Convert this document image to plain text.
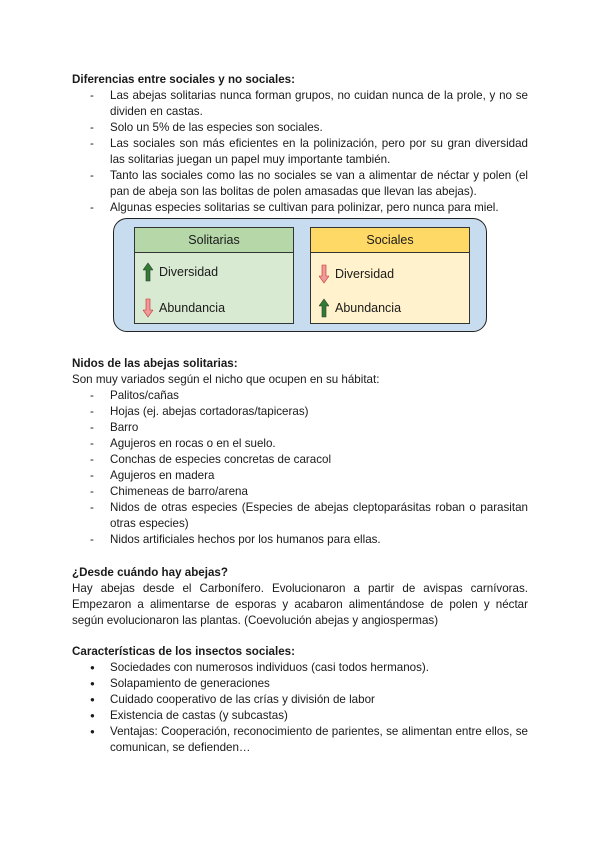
Diferencias entre sociales y no sociales:
- Las abejas solitarias nunca forman grupos, no cuidan nunca de la prole, y no se dividen en castas.
- Solo un 5% de las especies son sociales.
- Las sociales son más eficientes en la polinización, pero por su gran diversidad las solitarias juegan un papel muy importante también.
- Tanto las sociales como las no sociales se van a alimentar de néctar y polen (el pan de abeja son las bolitas de polen amasadas que llevan las abejas).
- Algunas especies solitarias se cultivan para polinizar, pero nunca para miel.
Solitarias
Diversidad
Abundancia
Sociales
Diversidad
Abundancia
Nidos de las abejas solitarias:
Son muy variados según el nicho que ocupen en su hábitat:
- Palitos/cañas
- Hojas (ej. abejas cortadoras/tapiceras)
- Barro
- Agujeros en rocas o en el suelo.
- Conchas de especies concretas de caracol
- Agujeros en madera
- Chimeneas de barro/arena
- Nidos de otras especies (Especies de abejas cleptoparásitas roban o parasitan otras especies)
- Nidos artificiales hechos por los humanos para ellas.
¿Desde cuándo hay abejas?
Hay abejas desde el Carbonífero. Evolucionaron a partir de avispas carnívoras. Empezaron a alimentarse de esporas y acabaron alimentándose de polen y néctar según evolucionaron las plantas. (Coevolución abejas y angiospermas)
Características de los insectos sociales:
● Sociedades con numerosos individuos (casi todos hermanos).
● Solapamiento de generaciones
● Cuidado cooperativo de las crías y división de labor
● Existencia de castas (y subcastas)
● Ventajas: Cooperación, reconocimiento de parientes, se alimentan entre ellos, se comunican, se defienden…
